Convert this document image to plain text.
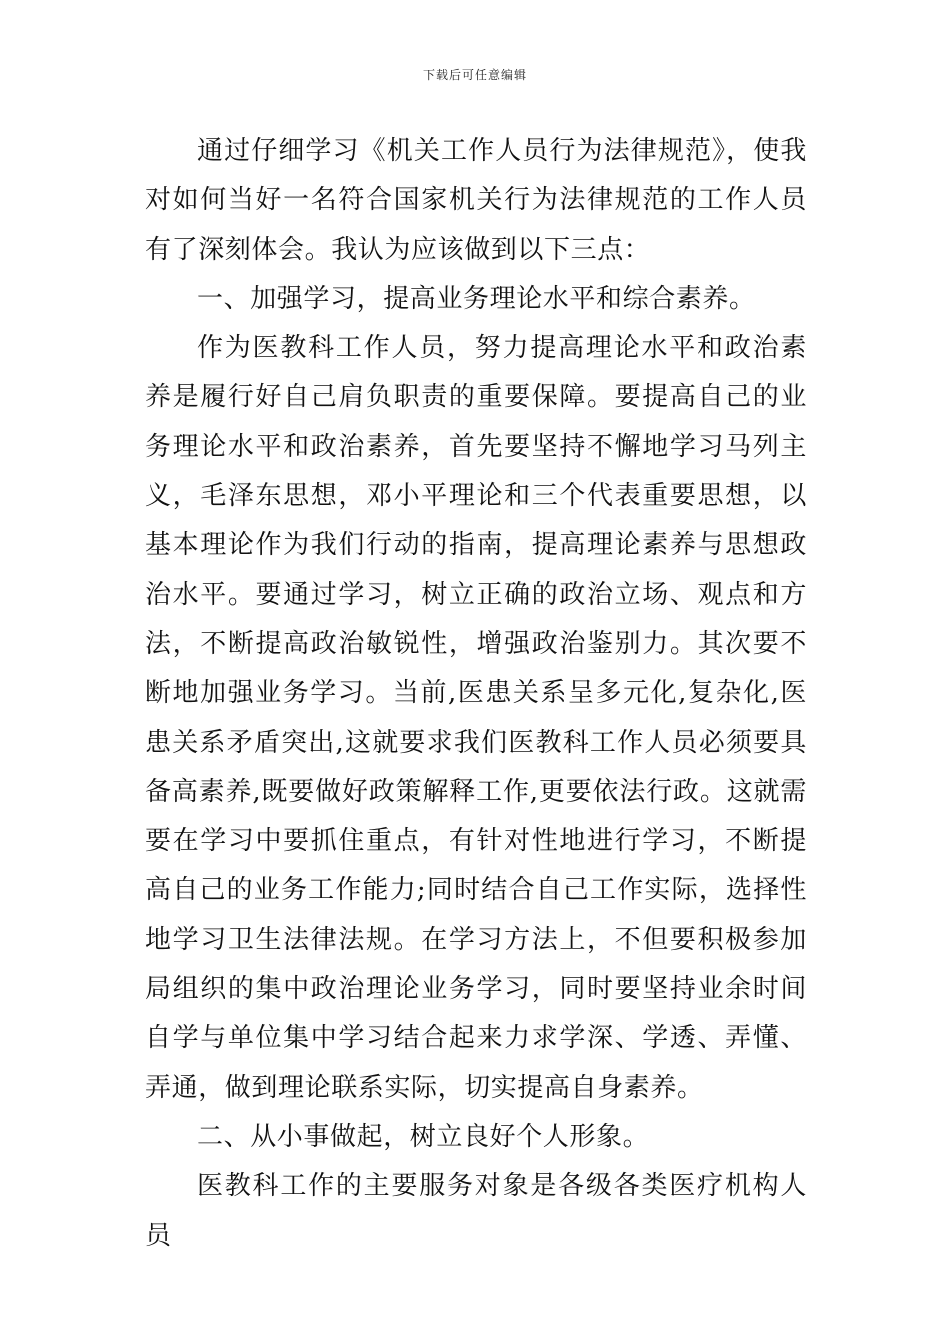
下载后可任意编辑

通过仔细学习《机关工作人员行为法律规范》，使我对如何当好一名符合国家机关行为法律规范的工作人员有了深刻体会。我认为应该做到以下三点：

一、加强学习，提高业务理论水平和综合素养。

作为医教科工作人员，努力提高理论水平和政治素养是履行好自己肩负职责的重要保障。要提高自己的业务理论水平和政治素养，首先要坚持不懈地学习马列主义，毛泽东思想，邓小平理论和三个代表重要思想，以基本理论作为我们行动的指南，提高理论素养与思想政治水平。要通过学习，树立正确的政治立场、观点和方法，不断提高政治敏锐性，增强政治鉴别力。其次要不断地加强业务学习。当前,医患关系呈多元化,复杂化,医患关系矛盾突出,这就要求我们医教科工作人员必须要具备高素养,既要做好政策解释工作,更要依法行政。这就需要在学习中要抓住重点，有针对性地进行学习，不断提高自己的业务工作能力;同时结合自己工作实际，选择性地学习卫生法律法规。在学习方法上，不但要积极参加局组织的集中政治理论业务学习，同时要坚持业余时间自学与单位集中学习结合起来力求学深、学透、弄懂、弄通，做到理论联系实际，切实提高自身素养。

二、从小事做起，树立良好个人形象。

医教科工作的主要服务对象是各级各类医疗机构人员
